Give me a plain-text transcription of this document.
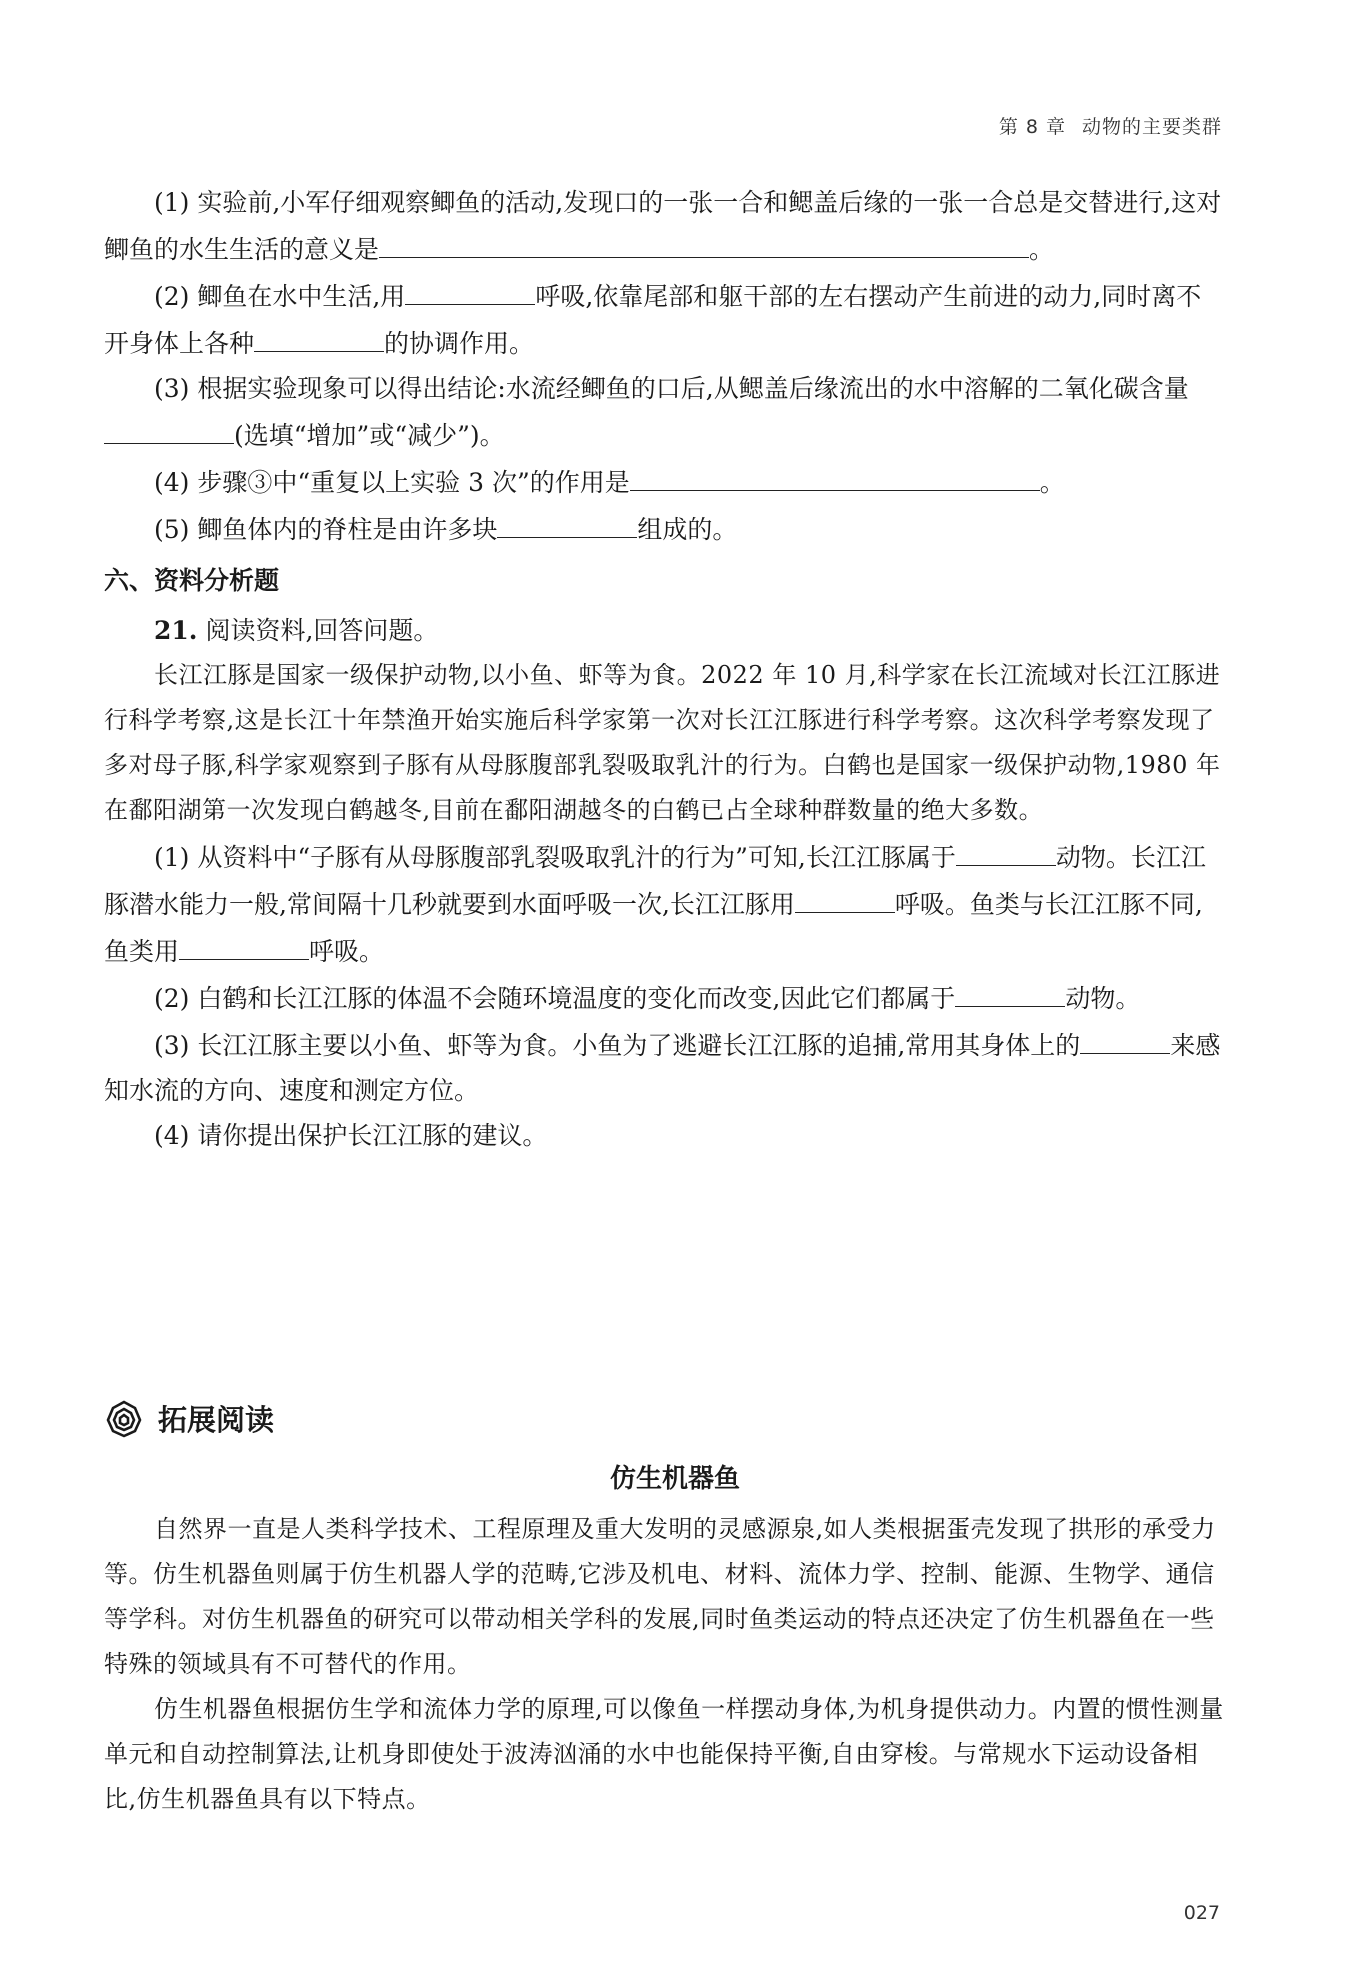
第 8 章 动物的主要类群

(1) 实验前,小军仔细观察鲫鱼的活动,发现口的一张一合和鳃盖后缘的一张一合总是交替进行,这对鲫鱼的水生生活的意义是	。

(2) 鲫鱼在水中生活,用	呼吸,依靠尾部和躯干部的左右摆动产生前进的动力,同时离不开身体上各种	的协调作用。

(3) 根据实验现象可以得出结论:水流经鲫鱼的口后,从鳃盖后缘流出的水中溶解的二氧化碳含量(选填“增加”或“减少”)。

(4) 步骤③中“重复以上实验 3 次”的作用是	。

(5) 鲫鱼体内的脊柱是由许多块	组成的。

六、资料分析题

21. 阅读资料,回答问题。

长江江豚是国家一级保护动物,以小鱼、虾等为食。2022 年 10 月,科学家在长江流域对长江江豚进行科学考察,这是长江十年禁渔开始实施后科学家第一次对长江江豚进行科学考察。这次科学考察发现了多对母子豚,科学家观察到子豚有从母豚腹部乳裂吸取乳汁的行为。白鹤也是国家一级保护动物,1980 年在鄱阳湖第一次发现白鹤越冬,目前在鄱阳湖越冬的白鹤已占全球种群数量的绝大多数。

(1) 从资料中“子豚有从母豚腹部乳裂吸取乳汁的行为”可知,长江江豚属于	动物。长江江豚潜水能力一般,常间隔十几秒就要到水面呼吸一次,长江江豚用	呼吸。鱼类与长江江豚不同,鱼类用	呼吸。

(2) 白鹤和长江江豚的体温不会随环境温度的变化而改变,因此它们都属于	动物。

(3) 长江江豚主要以小鱼、虾等为食。小鱼为了逃避长江江豚的追捕,常用其身体上的	来感知水流的方向、速度和测定方位。

(4) 请你提出保护长江江豚的建议。

拓展阅读
仿生机器鱼

自然界一直是人类科学技术、工程原理及重大发明的灵感源泉,如人类根据蛋壳发现了拱形的承受力等。仿生机器鱼则属于仿生机器人学的范畴,它涉及机电、材料、流体力学、控制、能源、生物学、通信等学科。对仿生机器鱼的研究可以带动相关学科的发展,同时鱼类运动的特点还决定了仿生机器鱼在一些特殊的领域具有不可替代的作用。

仿生机器鱼根据仿生学和流体力学的原理,可以像鱼一样摆动身体,为机身提供动力。内置的惯性测量单元和自动控制算法,让机身即使处于波涛汹涌的水中也能保持平衡,自由穿梭。与常规水下运动设备相比,仿生机器鱼具有以下特点。

027
